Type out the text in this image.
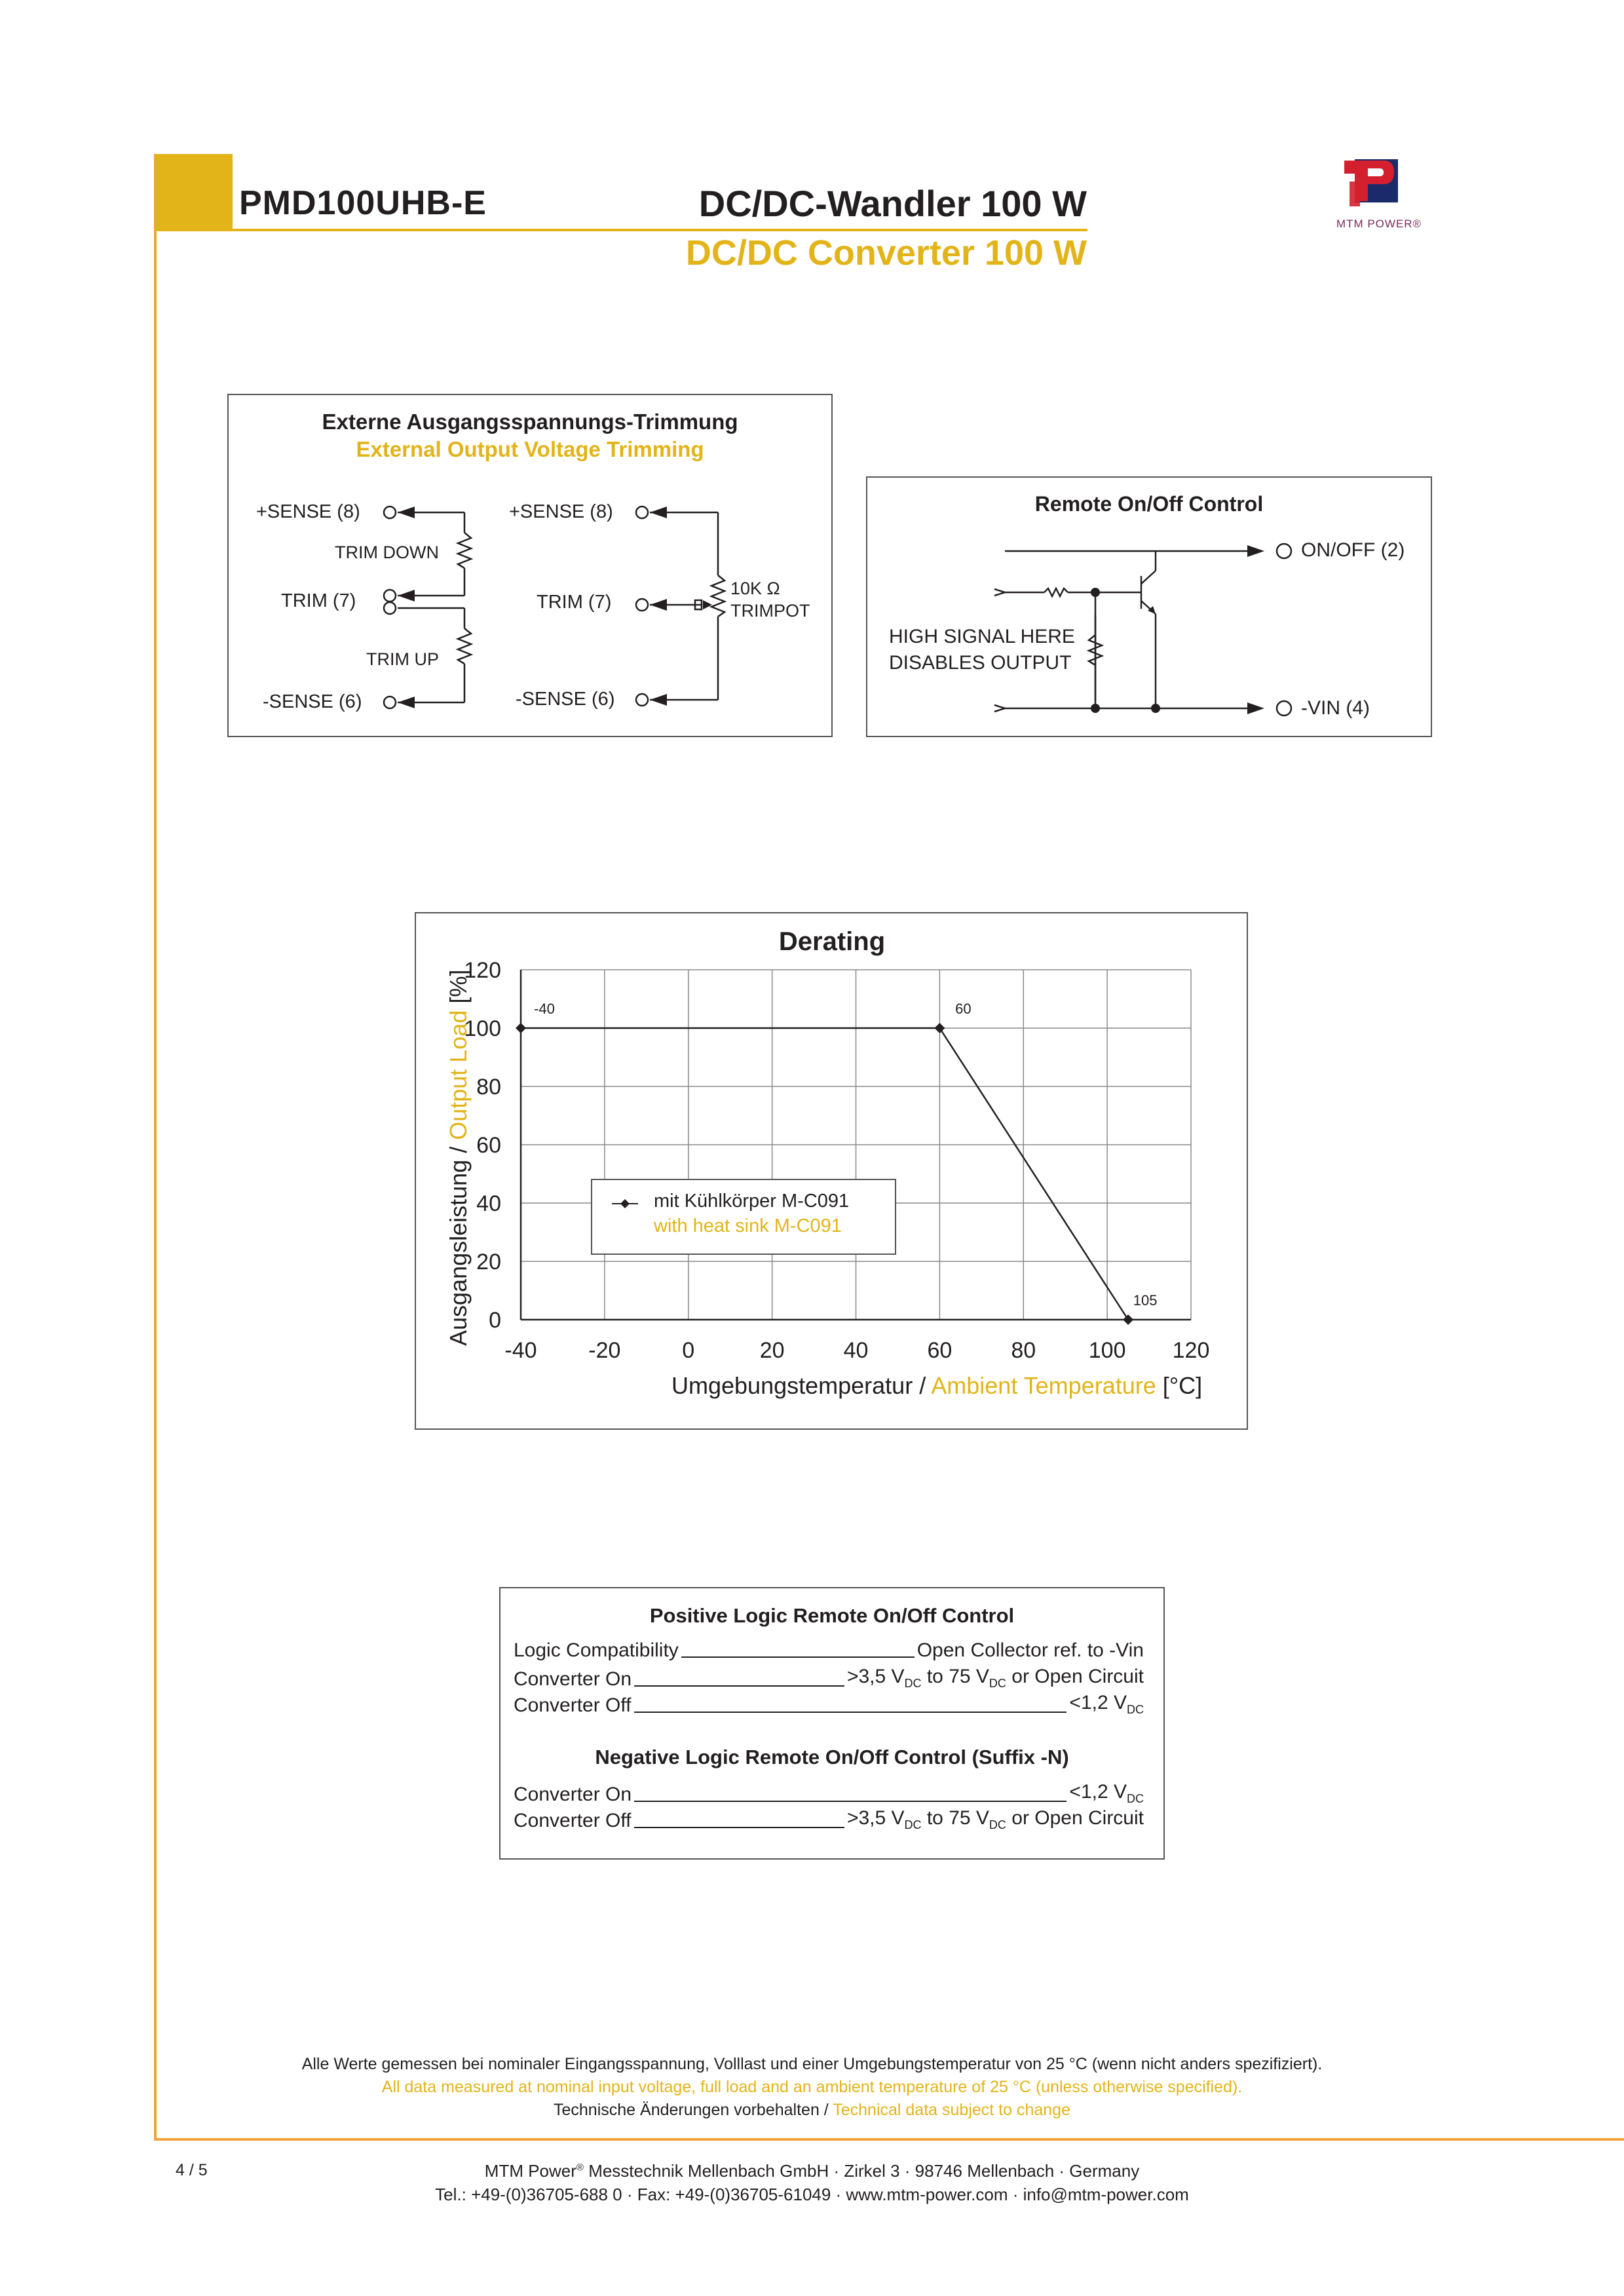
PMD100UHB-E	DC/DC-Wandler 100 W
DC/DC Converter 100 W
MTM POWER®
Externe Ausgangsspannungs-Trimmung
External Output Voltage Trimming
+SENSE (8)
TRIM DOWN
TRIM (7)
TRIM UP
-SENSE (6)
+SENSE (8)
TRIM (7)
10K Ω
TRIMPOT
-SENSE (6)
Remote On/Off Control
ON/OFF (2)
-VIN (4)
HIGH SIGNAL HERE
DISABLES OUTPUT
Derating
-40 -20	0	20	40	60	80 100 120
0
20
40
60
80
100
120
-40	60
105
mit Kühlkörper M-C091
with heat sink M-C091
Umgebungstemperatur / Ambient Temperature [°C]
Ausgangsleistung / Output Load [%]
Positive Logic Remote On/Off Control
Logic Compatibility	Open Collector ref. to -Vin
Converter On	>3,5 $V_{DC}$ to 75 $V_{DC}$ or Open Circuit
Converter Off	<1,2 $V_{DC}$
Negative Logic Remote On/Off Control (Suffix -N)
Converter On	<1,2 $V_{DC}$
Converter Off	>3,5 $V_{DC}$ to 75 $V_{DC}$ or Open Circuit
Alle Werte gemessen bei nominaler Eingangsspannung, Volllast und einer Umgebungstemperatur von 25 °C (wenn nicht anders spezifiziert).
All data measured at nominal input voltage, full load and an ambient temperature of 25 °C (unless otherwise specified).
Technische Änderungen vorbehalten / Technical data subject to change
4 / 5	MTM Power® Messtechnik Mellenbach GmbH · Zirkel 3 · 98746 Mellenbach · Germany
Tel.: +49-(0)36705-688 0 · Fax: +49-(0)36705-61049 · www.mtm-power.com · info@mtm-power.com
